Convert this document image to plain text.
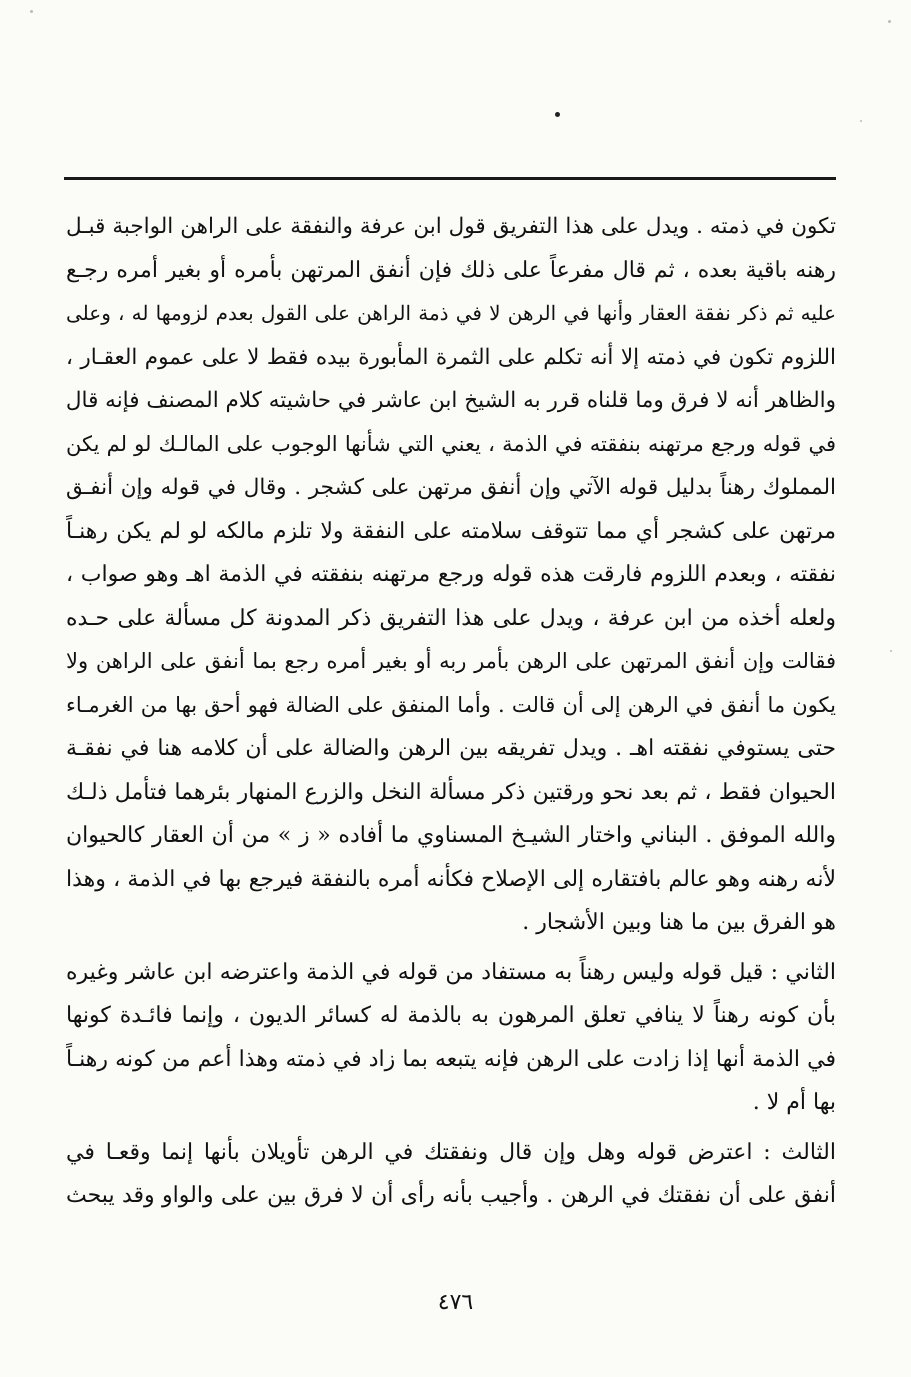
تكون في ذمته . ويدل على هذا التفريق قول ابن عرفة والنفقة على الراهن الواجبة قبـل
رهنه باقية بعده ، ثم قال مفرعاً على ذلك فإن أنفق المرتهن بأمره أو بغير أمره رجـع
عليه ثم ذكر نفقة العقار وأنها في الرهن لا في ذمة الراهن على القول بعدم لزومها له ، وعلى
اللزوم تكون في ذمته إلا أنه تكلم على الثمرة المأبورة بيده فقط لا على عموم العقـار ،
والظاهر أنه لا فرق وما قلناه قرر به الشيخ ابن عاشر في حاشيته كلام المصنف فإنه قال
في قوله ورجع مرتهنه بنفقته في الذمة ، يعني التي شأنها الوجوب على المالـك لو لم يكن
المملوك رهناً بدليل قوله الآتي وإن أنفق مرتهن على كشجر . وقال في قوله وإن أنفـق
مرتهن على كشجر أي مما تتوقف سلامته على النفقة ولا تلزم مالكه لو لم يكن رهنـاً
نفقته ، وبعدم اللزوم فارقت هذه قوله ورجع مرتهنه بنفقته في الذمة اهـ وهو صواب ،
ولعله أخذه من ابن عرفة ، ويدل على هذا التفريق ذكر المدونة كل مسألة على حـده
فقالت وإن أنفق المرتهن على الرهن بأمر ربه أو بغير أمره رجع بما أنفق على الراهن ولا
يكون ما أنفق في الرهن إلى أن قالت . وأما المنفق على الضالة فهو أحق بها من الغرمـاء
حتى يستوفي نفقته اهـ . ويدل تفريقه بين الرهن والضالة على أن كلامه هنا في نفقـة
الحيوان فقط ، ثم بعد نحو ورقتين ذكر مسألة النخل والزرع المنهار بئرهما فتأمل ذلـك
والله الموفق . البناني واختار الشيـخ المسناوي ما أفاده « ز » من أن العقار كالحيوان
لأنه رهنه وهو عالم بافتقاره إلى الإصلاح فكأنه أمره بالنفقة فيرجع بها في الذمة ، وهذا
هو الفرق بين ما هنا وبين الأشجار .
الثاني : قيل قوله وليس رهناً به مستفاد من قوله في الذمة واعترضه ابن عاشر وغيره
بأن كونه رهناً لا ينافي تعلق المرهون به بالذمة له كسائر الديون ، وإنما فائـدة كونها
في الذمة أنها إذا زادت على الرهن فإنه يتبعه بما زاد في ذمته وهذا أعم من كونه رهنـاً
بها أم لا .
الثالث : اعترض قوله وهل وإن قال ونفقتك في الرهن تأويلان بأنها إنما وقعـا في
أنفق على أن نفقتك في الرهن . وأجيب بأنه رأى أن لا فرق بين على والواو وقد يبحث
٤٧٦
